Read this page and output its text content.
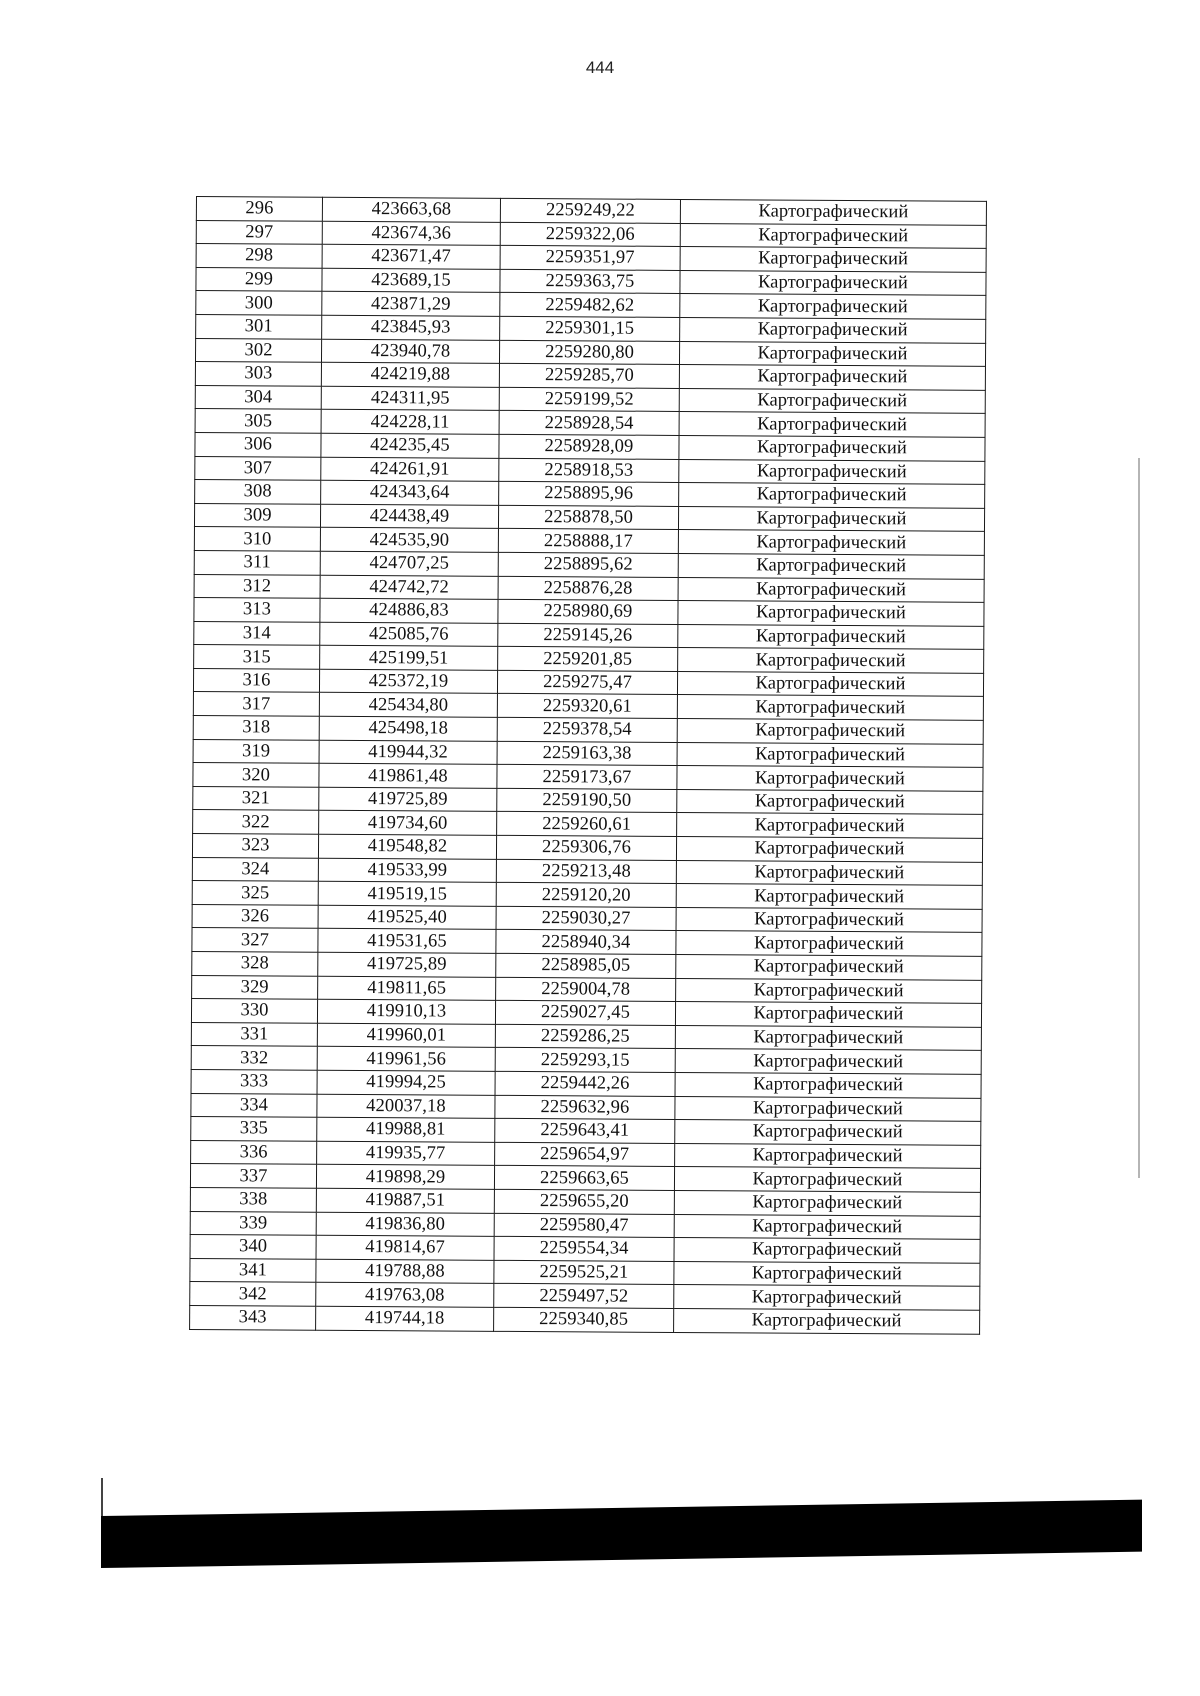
444
296	423663,68	2259249,22	Картографический
297	423674,36	2259322,06	Картографический
298	423671,47	2259351,97	Картографический
299	423689,15	2259363,75	Картографический
300	423871,29	2259482,62	Картографический
301	423845,93	2259301,15	Картографический
302	423940,78	2259280,80	Картографический
303	424219,88	2259285,70	Картографический
304	424311,95	2259199,52	Картографический
305	424228,11	2258928,54	Картографический
306	424235,45	2258928,09	Картографический
307	424261,91	2258918,53	Картографический
308	424343,64	2258895,96	Картографический
309	424438,49	2258878,50	Картографический
310	424535,90	2258888,17	Картографический
311	424707,25	2258895,62	Картографический
312	424742,72	2258876,28	Картографический
313	424886,83	2258980,69	Картографический
314	425085,76	2259145,26	Картографический
315	425199,51	2259201,85	Картографический
316	425372,19	2259275,47	Картографический
317	425434,80	2259320,61	Картографический
318	425498,18	2259378,54	Картографический
319	419944,32	2259163,38	Картографический
320	419861,48	2259173,67	Картографический
321	419725,89	2259190,50	Картографический
322	419734,60	2259260,61	Картографический
323	419548,82	2259306,76	Картографический
324	419533,99	2259213,48	Картографический
325	419519,15	2259120,20	Картографический
326	419525,40	2259030,27	Картографический
327	419531,65	2258940,34	Картографический
328	419725,89	2258985,05	Картографический
329	419811,65	2259004,78	Картографический
330	419910,13	2259027,45	Картографический
331	419960,01	2259286,25	Картографический
332	419961,56	2259293,15	Картографический
333	419994,25	2259442,26	Картографический
334	420037,18	2259632,96	Картографический
335	419988,81	2259643,41	Картографический
336	419935,77	2259654,97	Картографический
337	419898,29	2259663,65	Картографический
338	419887,51	2259655,20	Картографический
339	419836,80	2259580,47	Картографический
340	419814,67	2259554,34	Картографический
341	419788,88	2259525,21	Картографический
342	419763,08	2259497,52	Картографический
343	419744,18	2259340,85	Картографический
